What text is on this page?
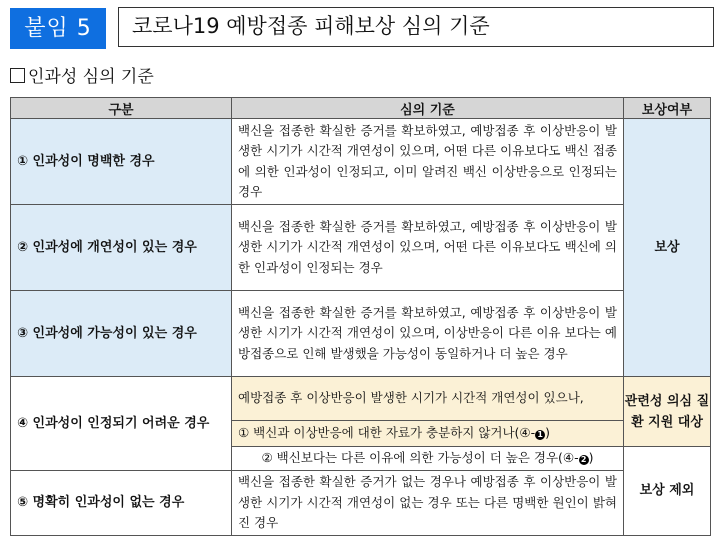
붙임 5	코로나19 예방접종 피해보상 심의 기준
인과성 심의 기준
구분	심의 기준	보상여부
① 인과성이 명백한 경우	백신을 접종한 확실한 증거를 확보하였고, 예방접종 후 이상반응이 발생한 시기가 시간적 개연성이 있으며, 어떤 다른 이유보다도 백신 접종에 의한 인과성이 인정되고, 이미 알려진 백신 이상반응으로 인정되는 경우	보상
② 인과성에 개연성이 있는 경우	백신을 접종한 확실한 증거를 확보하였고, 예방접종 후 이상반응이 발생한 시기가 시간적 개연성이 있으며, 어떤 다른 이유보다도 백신에 의한 인과성이 인정되는 경우	
③ 인과성에 가능성이 있는 경우	백신을 접종한 확실한 증거를 확보하였고, 예방접종 후 이상반응이 발생한 시기가 시간적 개연성이 있으며, 이상반응이 다른 이유 보다는 예방접종으로 인해 발생했을 가능성이 동일하거나 더 높은 경우	
④ 인과성이 인정되기 어려운 경우	예방접종 후 이상반응이 발생한 시기가 시간적 개연성이 있으나,	관련성 의심 질환 지원 대상
	① 백신과 이상반응에 대한 자료가 충분하지 않거나(④- 1 )	
	② 백신보다는 다른 이유에 의한 가능성이 더 높은 경우(④- 2 )	보상 제외
⑤ 명확히 인과성이 없는 경우	백신을 접종한 확실한 증거가 없는 경우나 예방접종 후 이상반응이 발생한 시기가 시간적 개연성이 없는 경우 또는 다른 명백한 원인이 밝혀진 경우	
